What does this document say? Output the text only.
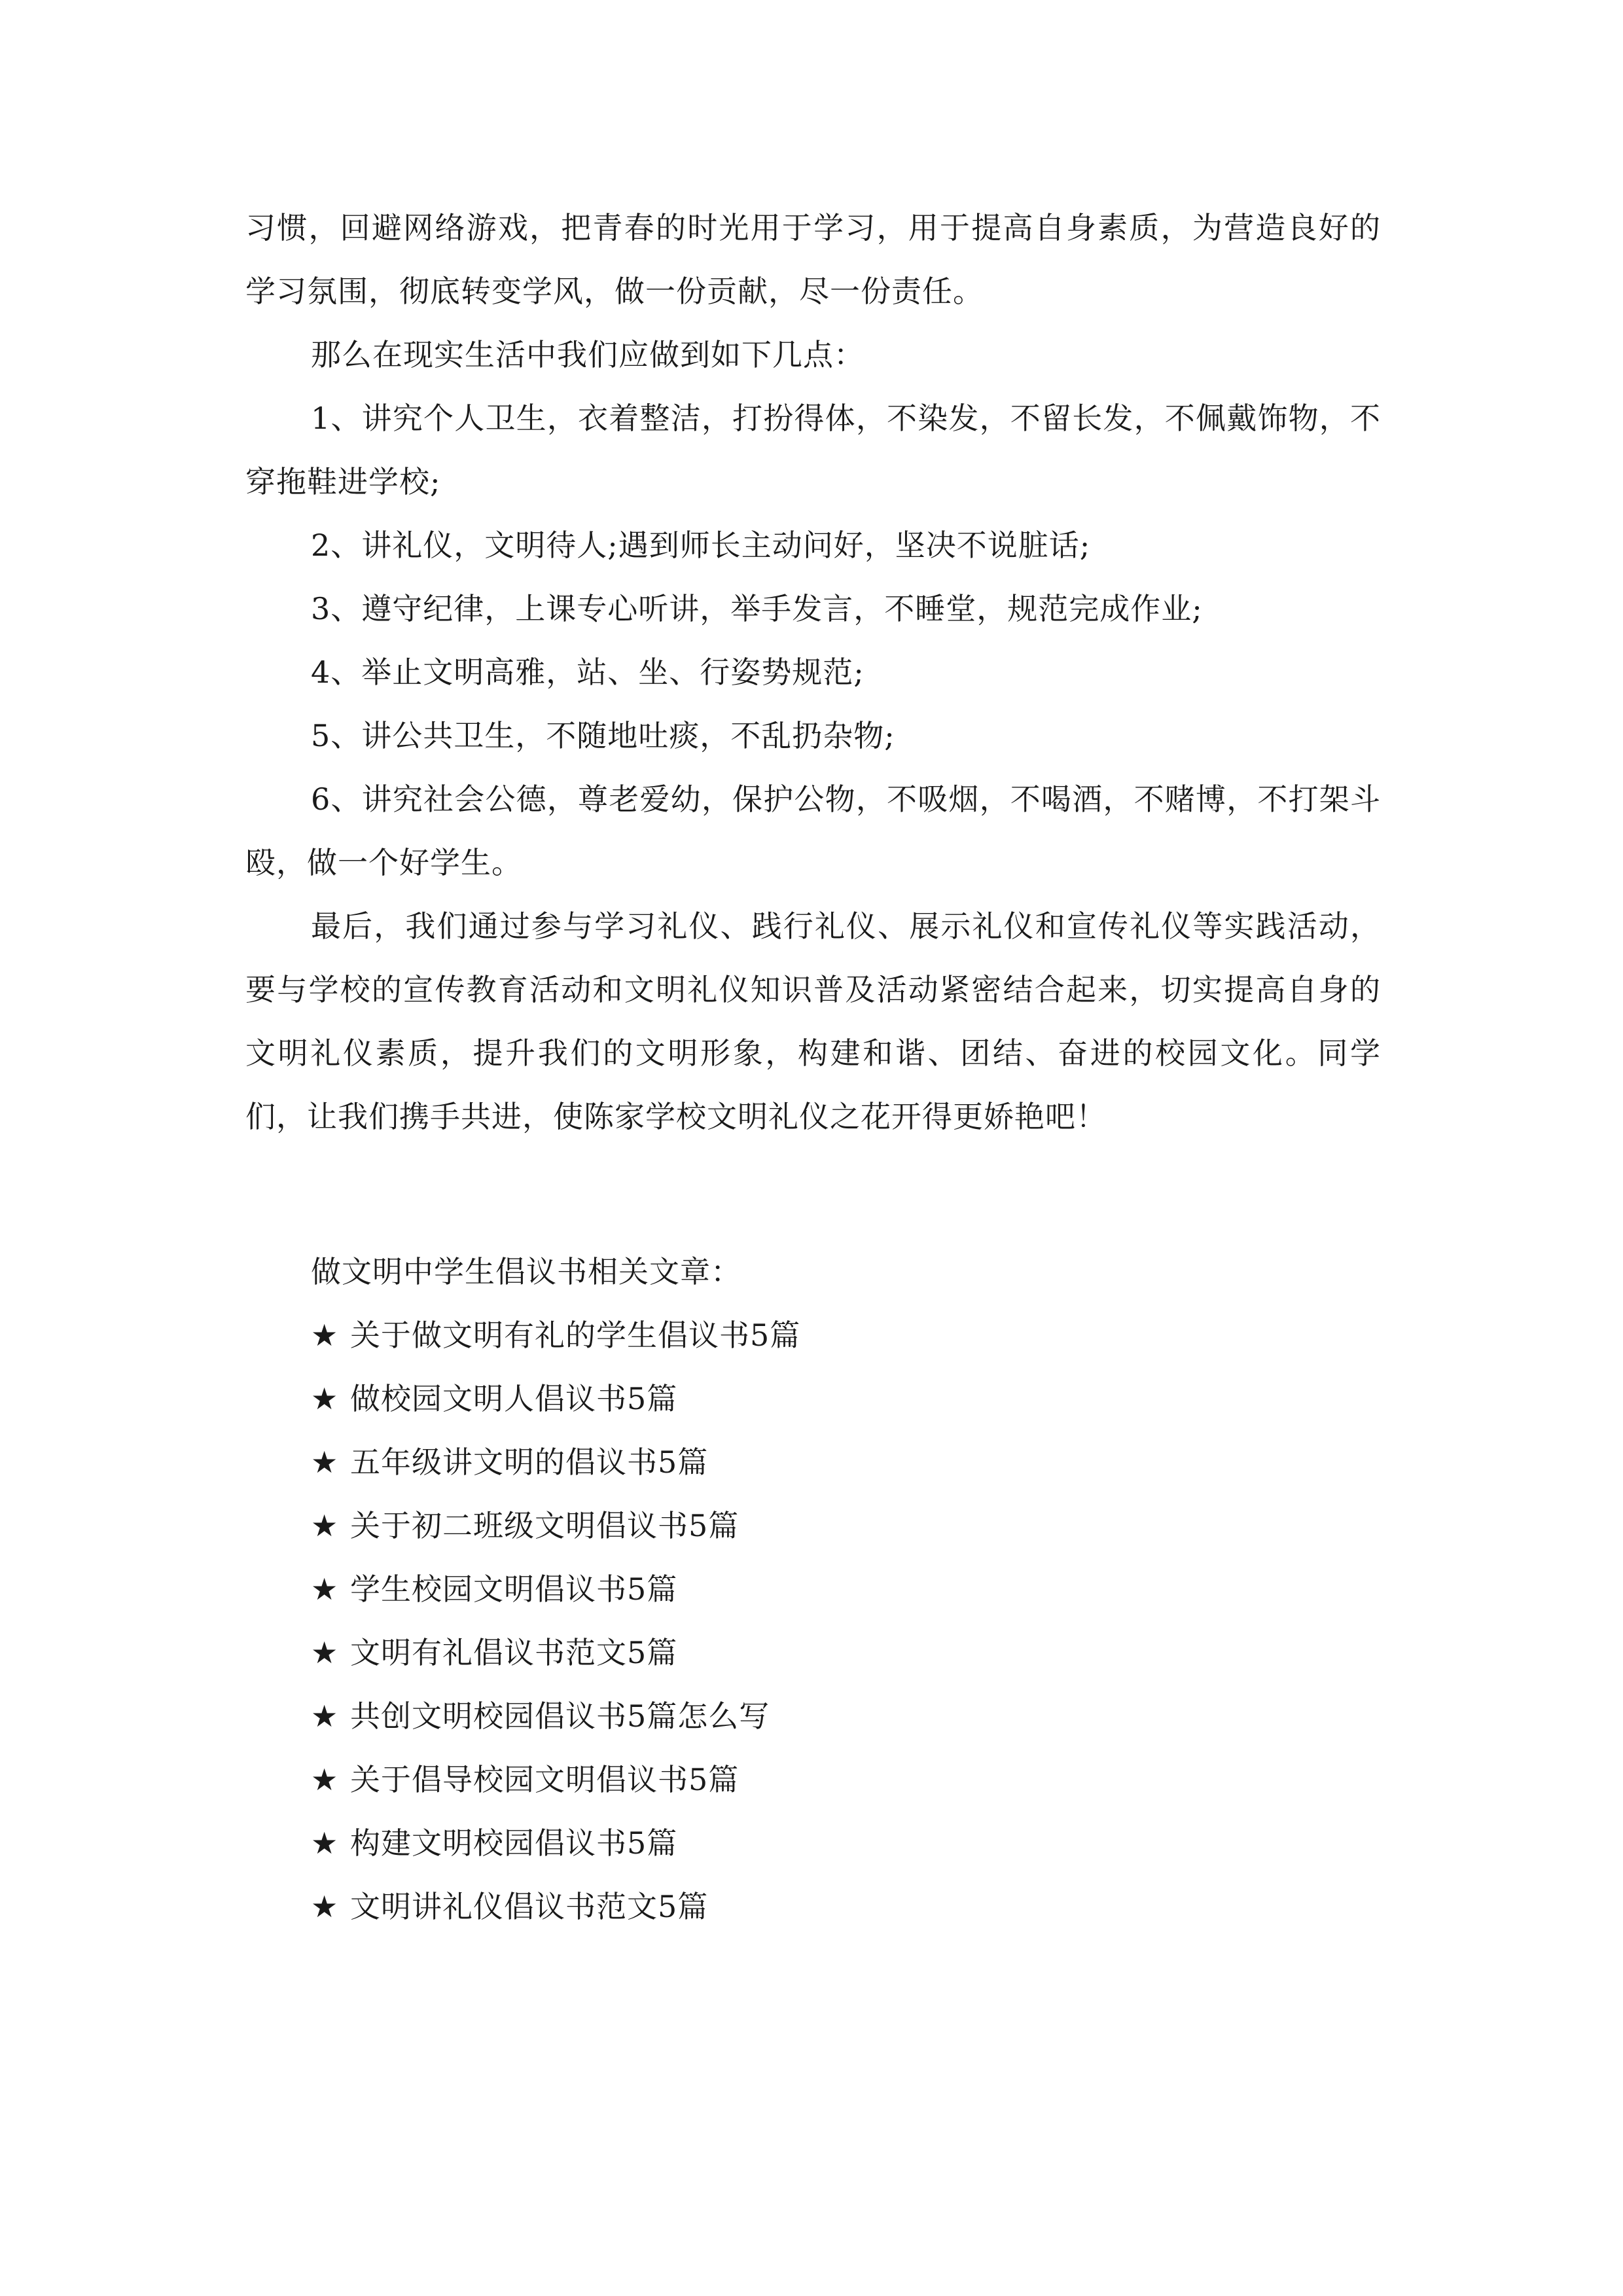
习惯，回避网络游戏，把青春的时光用于学习，用于提高自身素质，为营造良好的学习氛围，彻底转变学风，做一份贡献，尽一份责任。

那么在现实生活中我们应做到如下几点：

1、讲究个人卫生，衣着整洁，打扮得体，不染发，不留长发，不佩戴饰物，不穿拖鞋进学校;

2、讲礼仪，文明待人;遇到师长主动问好，坚决不说脏话;

3、遵守纪律，上课专心听讲，举手发言，不睡堂，规范完成作业;

4、举止文明高雅，站、坐、行姿势规范;

5、讲公共卫生，不随地吐痰，不乱扔杂物;

6、讲究社会公德，尊老爱幼，保护公物，不吸烟，不喝酒，不赌博，不打架斗殴，做一个好学生。

最后，我们通过参与学习礼仪、践行礼仪、展示礼仪和宣传礼仪等实践活动，要与学校的宣传教育活动和文明礼仪知识普及活动紧密结合起来，切实提高自身的文明礼仪素质，提升我们的文明形象，构建和谐、团结、奋进的校园文化。同学们，让我们携手共进，使陈家学校文明礼仪之花开得更娇艳吧！

做文明中学生倡议书相关文章：

★ 关于做文明有礼的学生倡议书5篇
★ 做校园文明人倡议书5篇
★ 五年级讲文明的倡议书5篇
★ 关于初二班级文明倡议书5篇
★ 学生校园文明倡议书5篇
★ 文明有礼倡议书范文5篇
★ 共创文明校园倡议书5篇怎么写
★ 关于倡导校园文明倡议书5篇
★ 构建文明校园倡议书5篇
★ 文明讲礼仪倡议书范文5篇
